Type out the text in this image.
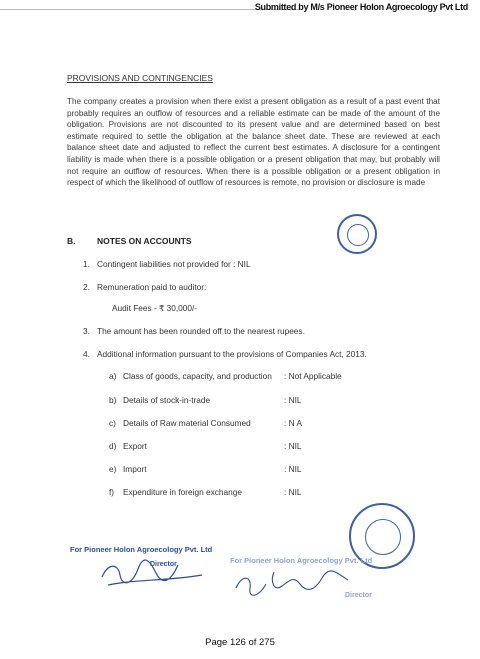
Submitted by M/s Pioneer Holon Agroecology Pvt Ltd
PROVISIONS AND CONTINGENCIES
The company creates a provision when there exist a present obligation as a result of a past event that probably requires an outflow of resources and a reliable estimate can be made of the amount of the obligation. Provisions are not discounted to its present value and are determined based on best estimate required to settle the obligation at the balance sheet date. These are reviewed at each balance sheet date and adjusted to reflect the current best estimates. A disclosure for a contingent liability is made when there is a possible obligation or a present obligation that may, but probably will not require an outflow of resources. When there is a possible obligation or a present obligation in respect of which the likelihood of outflow of resources is remote, no provision or disclosure is made
B.	NOTES ON ACCOUNTS
1. Contingent liabilities not provided for : NIL
2. Remuneration paid to auditor:
Audit Fees - ₹ 30,000/-
3. The amount has been rounded off to the nearest rupees.
4. Additional information pursuant to the provisions of Companies Act, 2013.
a) Class of goods, capacity, and production : Not Applicable
b) Details of stock-in-trade	: NIL
c) Details of Raw material Consumed	: N A
d) Export	: NIL
e) Import	: NIL
f) Expenditure in foreign exchange	: NIL
For Pioneer Holon Agroecology Pvt. Ltd
Director	For Pioneer Holon Agroecology Pvt. Ltd
Director
Page 126 of 275
